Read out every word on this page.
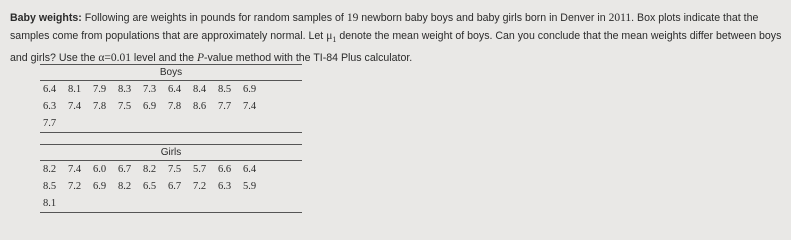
Baby weights: Following are weights in pounds for random samples of 19 newborn baby boys and baby girls born in Denver in 2011. Box plots indicate that the samples come from populations that are approximately normal. Let $\mu_1$ denote the mean weight of boys. Can you conclude that the mean weights differ between boys and girls? Use the α=0.01 level and the P-value method with the TI-84 Plus calculator.
Boys
6.4	8.1	7.9	8.3	7.3	6.4	8.4	8.5	6.9
6.3	7.4	7.8	7.5	6.9	7.8	8.6	7.7	7.4
7.7
Girls
8.2	7.4	6.0	6.7	8.2	7.5	5.7	6.6	6.4
8.5	7.2	6.9	8.2	6.5	6.7	7.2	6.3	5.9
8.1
